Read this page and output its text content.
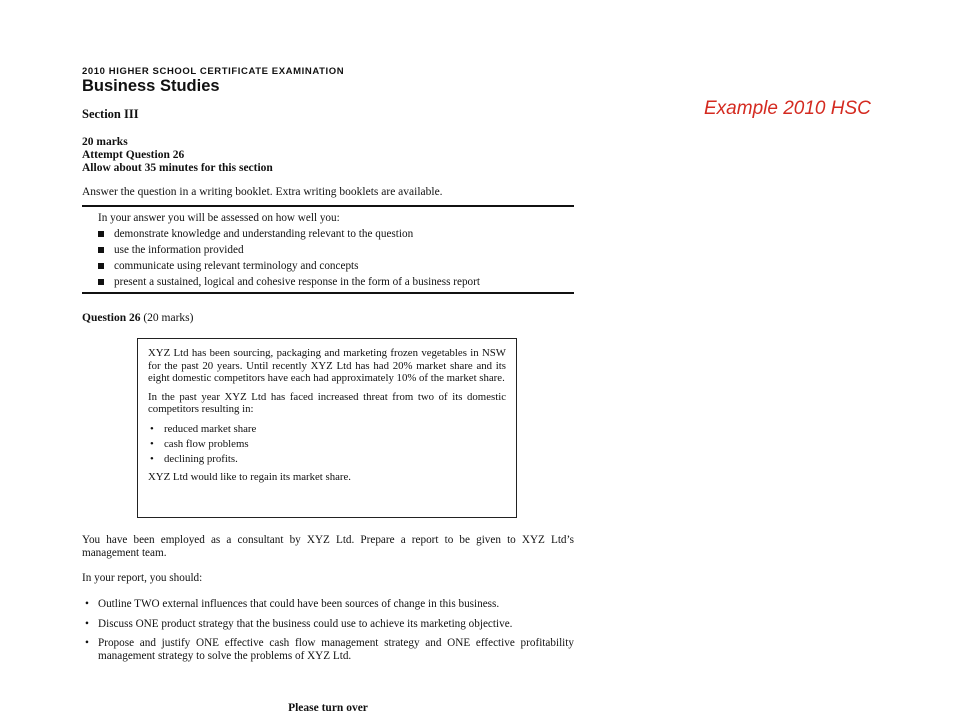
Example 2010 HSC
2010 HIGHER SCHOOL CERTIFICATE EXAMINATION
Business Studies
Section III
20 marks
Attempt Question 26
Allow about 35 minutes for this section
Answer the question in a writing booklet. Extra writing booklets are available.
In your answer you will be assessed on how well you:
demonstrate knowledge and understanding relevant to the question
use the information provided
communicate using relevant terminology and concepts
present a sustained, logical and cohesive response in the form of a business report
Question 26 (20 marks)

XYZ Ltd has been sourcing, packaging and marketing frozen vegetables in NSW for the past 20 years. Until recently XYZ Ltd has had 20% market share and its eight domestic competitors have each had approximately 10% of the market share.

In the past year XYZ Ltd has faced increased threat from two of its domestic competitors resulting in:

• reduced market share
• cash flow problems
• declining profits.

XYZ Ltd would like to regain its market share.

You have been employed as a consultant by XYZ Ltd. Prepare a report to be given to XYZ Ltd’s management team.
In your report, you should:
• Outline TWO external influences that could have been sources of change in this business.
• Discuss ONE product strategy that the business could use to achieve its marketing objective.
• Propose and justify ONE effective cash flow management strategy and ONE effective profitability management strategy to solve the problems of XYZ Ltd.
Please turn over
